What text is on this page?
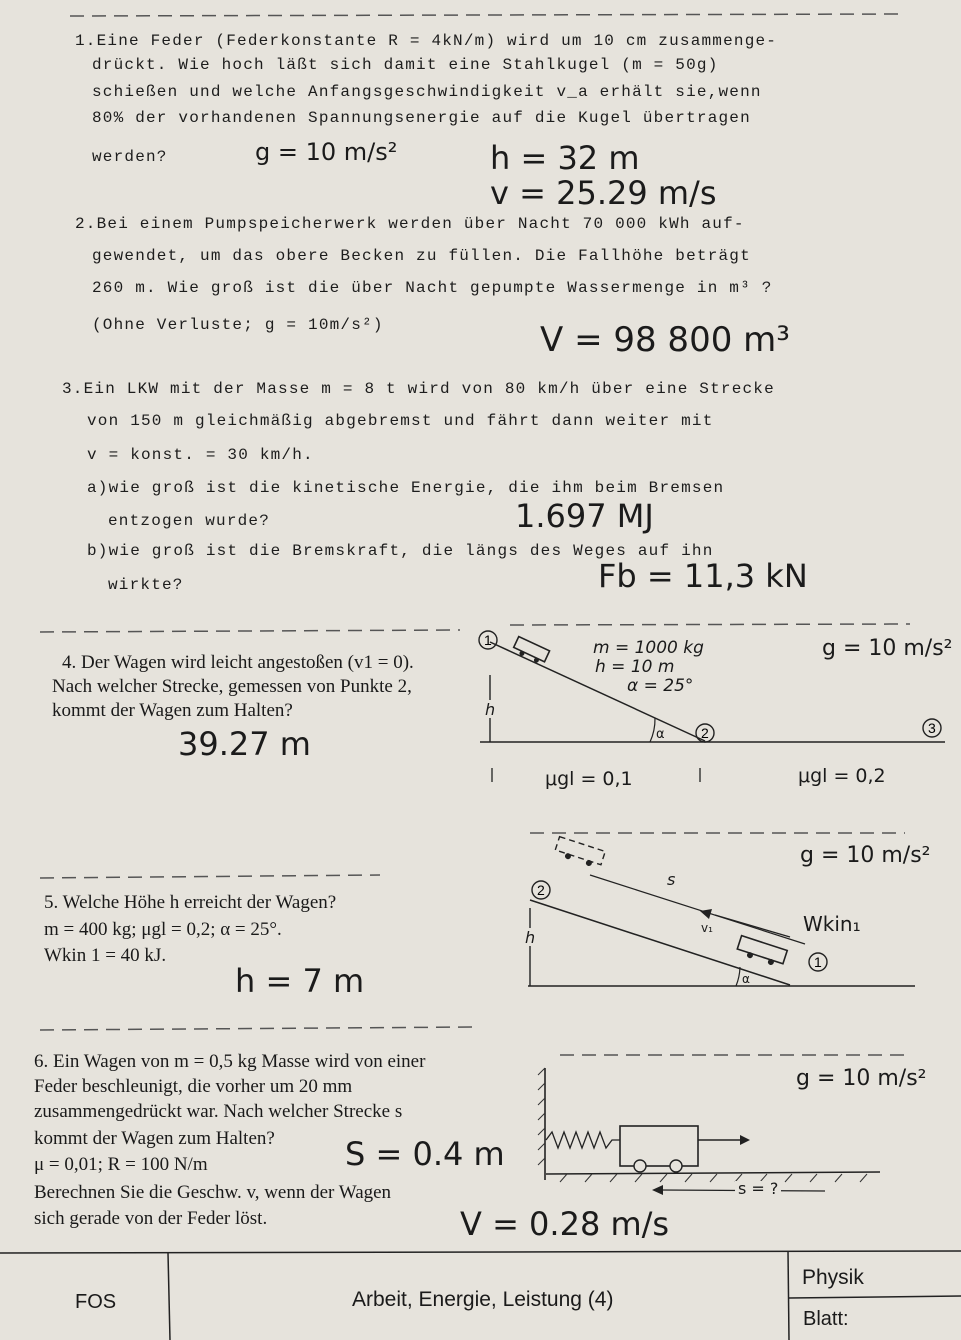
1.Eine Feder (Federkonstante R = 4kN/m) wird um 10 cm zusammenge-
drückt. Wie hoch läßt sich damit eine Stahlkugel (m = 50g)
schießen und welche Anfangsgeschwindigkeit v_a erhält sie,wenn
80% der vorhandenen Spannungsenergie auf die Kugel übertragen
werden?	g = 10 m/s²	h = 32 m
v = 25.29 m/s
2.Bei einem Pumpspeicherwerk werden über Nacht 70 000 kWh auf-
gewendet, um das obere Becken zu füllen. Die Fallhöhe beträgt
260 m. Wie groß ist die über Nacht gepumpte Wassermenge in m³ ?
(Ohne Verluste; g = 10m/s²)	V = 98 800 m³
3.Ein LKW mit der Masse m = 8 t wird von 80 km/h über eine Strecke
von 150 m gleichmäßig abgebremst und fährt dann weiter mit
v = konst. = 30 km/h.
a)wie groß ist die kinetische Energie, die ihm beim Bremsen
entzogen wurde?
b)wie groß ist die Bremskraft, die längs des Weges auf ihn
wirkte?
1.697 MJ
Fb = 11,3 kN
4. Der Wagen wird leicht angestoßen (v1 = 0).
Nach welcher Strecke, gemessen von Punkte 2,
kommt der Wagen zum Halten?
39.27 m
1
2	3
h
α
m = 1000 kg
h = 10 m
α = 25°
μgl = 0,1	μgl = 0,2
g = 10 m/s²
5. Welche Höhe h erreicht der Wagen?
m = 400 kg; μgl = 0,2; α = 25°.
Wkin 1 = 40 kJ.
h = 7 m
2
1
s
h	v₁
α
Wkin₁
g = 10 m/s²
6. Ein Wagen von m = 0,5 kg Masse wird von einer
Feder beschleunigt, die vorher um 20 mm
zusammengedrückt war. Nach welcher Strecke s
kommt der Wagen zum Halten?
μ = 0,01; R = 100 N/m
Berechnen Sie die Geschw. v, wenn der Wagen
sich gerade von der Feder löst.
S = 0.4 m
V = 0.28 m/s
s = ?
g = 10 m/s²
FOS	Arbeit, Energie, Leistung (4)
Physik
Blatt:
